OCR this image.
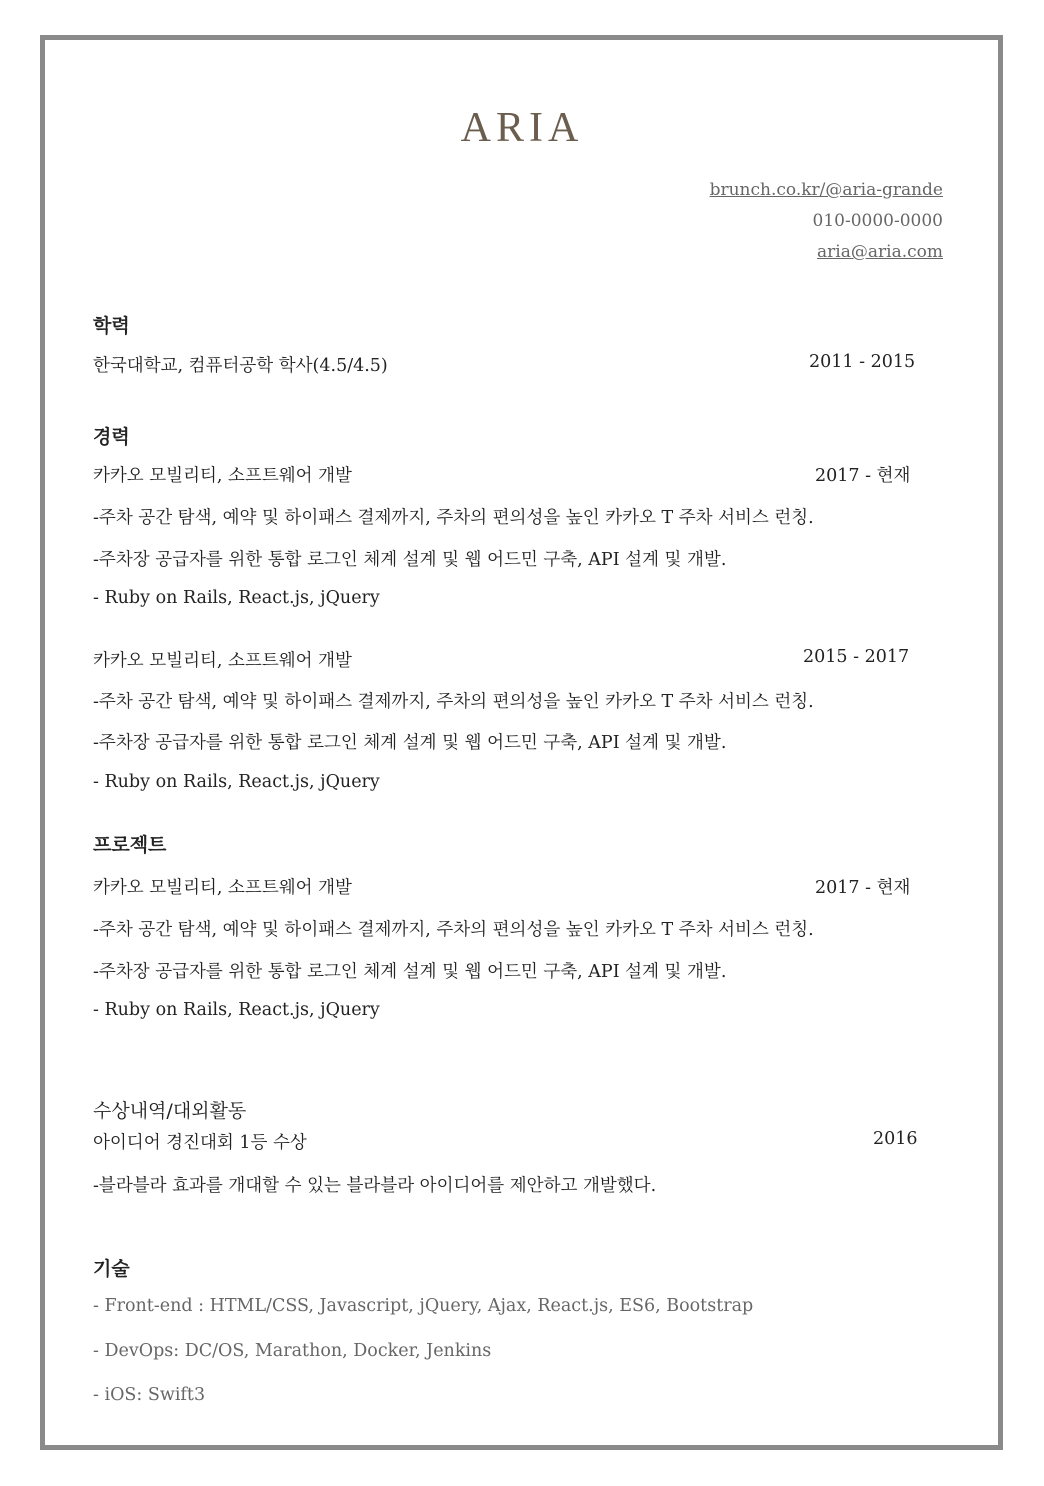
ARIA
brunch.co.kr/@aria-grande
010-0000-0000
aria@aria.com
학력
한국대학교, 컴퓨터공학 학사(4.5/4.5)	2011 - 2015
경력
카카오 모빌리티, 소프트웨어 개발	2017 - 현재
-주차 공간 탐색, 예약 및 하이패스 결제까지, 주차의 편의성을 높인 카카오 T 주차 서비스 런칭.
-주차장 공급자를 위한 통합 로그인 체계 설계 및 웹 어드민 구축, API 설계 및 개발.
- Ruby on Rails, React.js, jQuery
카카오 모빌리티, 소프트웨어 개발	2015 - 2017
-주차 공간 탐색, 예약 및 하이패스 결제까지, 주차의 편의성을 높인 카카오 T 주차 서비스 런칭.
-주차장 공급자를 위한 통합 로그인 체계 설계 및 웹 어드민 구축, API 설계 및 개발.
- Ruby on Rails, React.js, jQuery
프로젝트
카카오 모빌리티, 소프트웨어 개발	2017 - 현재
-주차 공간 탐색, 예약 및 하이패스 결제까지, 주차의 편의성을 높인 카카오 T 주차 서비스 런칭.
-주차장 공급자를 위한 통합 로그인 체계 설계 및 웹 어드민 구축, API 설계 및 개발.
- Ruby on Rails, React.js, jQuery
수상내역/대외활동
아이디어 경진대회 1등 수상	2016
-블라블라 효과를 개대할 수 있는 블라블라 아이디어를 제안하고 개발했다.
기술
- Front-end : HTML/CSS, Javascript, jQuery, Ajax, React.js, ES6, Bootstrap
- DevOps: DC/OS, Marathon, Docker, Jenkins
- iOS: Swift3
